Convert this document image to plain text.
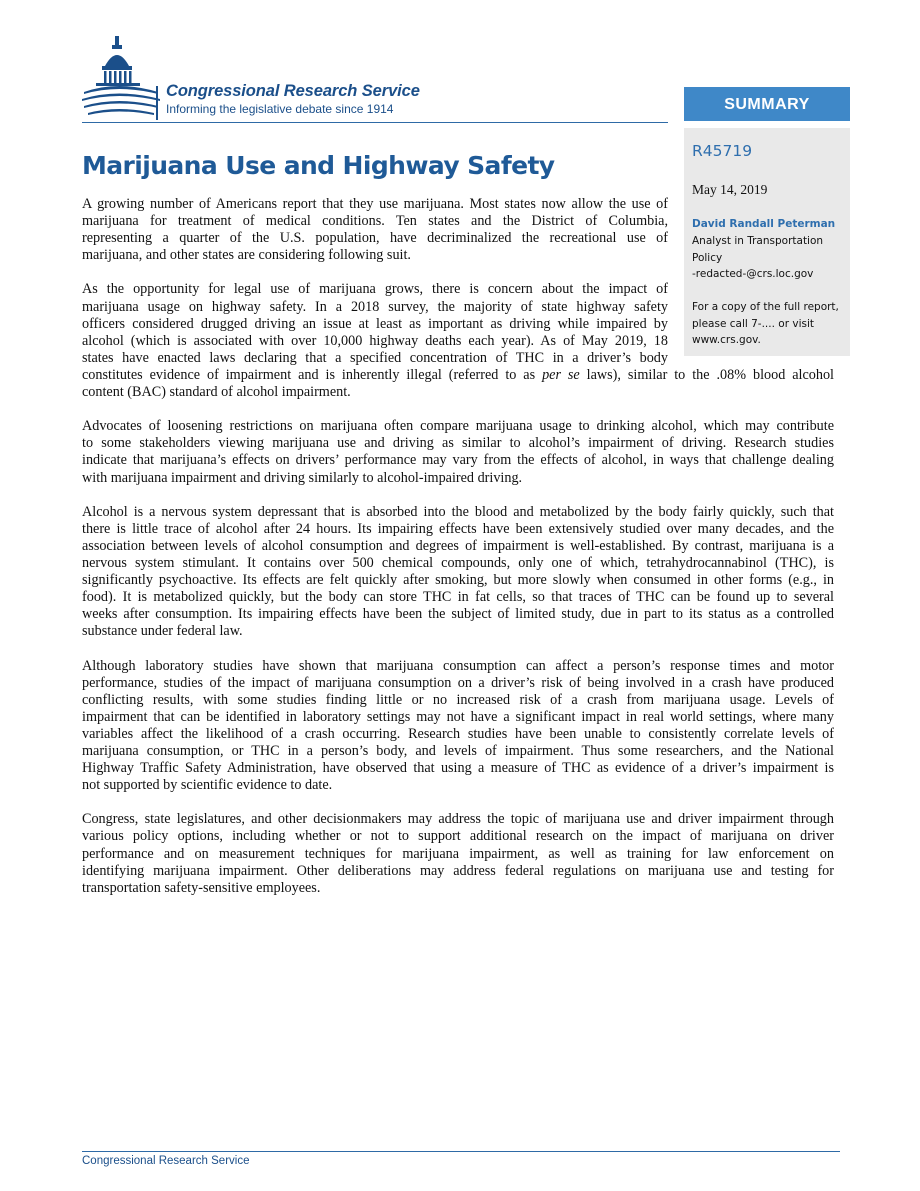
Congressional Research Service
Informing the legislative debate since 1914	SUMMARY
R45719
May 14, 2019
David Randall Peterman
Analyst in Transportation
Policy
-redacted-@crs.loc.gov
For a copy of the full report,
please call 7-.... or visit
www.crs.gov.
Marijuana Use and Highway Safety
A growing number of Americans report that they use marijuana. Most states now allow the use of
marijuana for treatment of medical conditions. Ten states and the District of Columbia,
representing a quarter of the U.S. population, have decriminalized the recreational use of
marijuana, and other states are considering following suit.
As the opportunity for legal use of marijuana grows, there is concern about the impact of
marijuana usage on highway safety. In a 2018 survey, the majority of state highway safety
officers considered drugged driving an issue at least as important as driving while impaired by
alcohol (which is associated with over 10,000 highway deaths each year). As of May 2019, 18
states have enacted laws declaring that a specified concentration of THC in a driver’s body
constitutes evidence of impairment and is inherently illegal (referred to as per se laws), similar to the .08% blood alcohol
content (BAC) standard of alcohol impairment.
Advocates of loosening restrictions on marijuana often compare marijuana usage to drinking alcohol, which may contribute
to some stakeholders viewing marijuana use and driving as similar to alcohol’s impairment of driving. Research studies
indicate that marijuana’s effects on drivers’ performance may vary from the effects of alcohol, in ways that challenge dealing
with marijuana impairment and driving similarly to alcohol-impaired driving.
Alcohol is a nervous system depressant that is absorbed into the blood and metabolized by the body fairly quickly, such that
there is little trace of alcohol after 24 hours. Its impairing effects have been extensively studied over many decades, and the
association between levels of alcohol consumption and degrees of impairment is well-established. By contrast, marijuana is a
nervous system stimulant. It contains over 500 chemical compounds, only one of which, tetrahydrocannabinol (THC), is
significantly psychoactive. Its effects are felt quickly after smoking, but more slowly when consumed in other forms (e.g., in
food). It is metabolized quickly, but the body can store THC in fat cells, so that traces of THC can be found up to several
weeks after consumption. Its impairing effects have been the subject of limited study, due in part to its status as a controlled
substance under federal law.
Although laboratory studies have shown that marijuana consumption can affect a person’s response times and motor
performance, studies of the impact of marijuana consumption on a driver’s risk of being involved in a crash have produced
conflicting results, with some studies finding little or no increased risk of a crash from marijuana usage. Levels of
impairment that can be identified in laboratory settings may not have a significant impact in real world settings, where many
variables affect the likelihood of a crash occurring. Research studies have been unable to consistently correlate levels of
marijuana consumption, or THC in a person’s body, and levels of impairment. Thus some researchers, and the National
Highway Traffic Safety Administration, have observed that using a measure of THC as evidence of a driver’s impairment is
not supported by scientific evidence to date.
Congress, state legislatures, and other decisionmakers may address the topic of marijuana use and driver impairment through
various policy options, including whether or not to support additional research on the impact of marijuana on driver
performance and on measurement techniques for marijuana impairment, as well as training for law enforcement on
identifying marijuana impairment. Other deliberations may address federal regulations on marijuana use and testing for
transportation safety-sensitive employees.
Congressional Research Service
